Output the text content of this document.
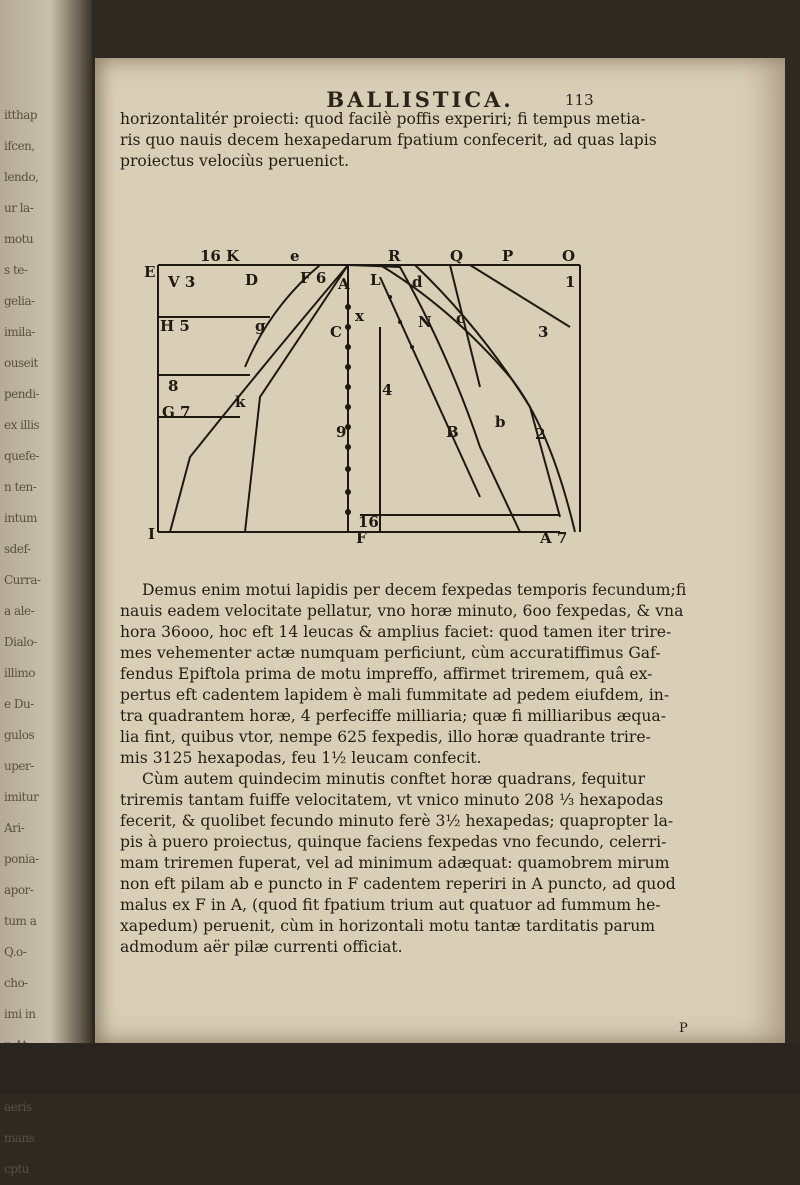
itthap
ifcen,
lendo,
ur la-
motu
s te-
gelia-
imila-
ouseit
pendi-
ex illis
quefe-
n ten-
intum
sdef-
Curra-
a ale-
Dialo-
illimo
e Du-
gulos
uper-
imitur
Ari-
ponia-
apor-
tum a
Q.o-
cho-
imi in
aeris
mans
cptu
BALLISTICA.	113

horizontalitér proiecti: quod facilè poffis experiri; fi tempus metia-

ris quo nauis decem hexapedarum fpatium confecerit, ad quas lapis

proiectus velociùs peruenict.

16 K	e	R	Q	P	O
E
V 3	D	F 6 A L d
H 5	g	C
x	N c
1
3
8
G 7
k
4
9	B
b
2
I	F
16
A 7

Demus enim motui lapidis per decem fexpedas temporis fecundum;fi

nauis eadem velocitate pellatur, vno horæ minuto, 6oo fexpedas, & vna

hora 36ooo, hoc eft 14 leucas & amplius faciet: quod tamen iter trire-

mes vehementer actæ numquam perficiunt, cùm accuratiffimus Gaf-

fendus Epiftola prima de motu impreffo, affirmet triremem, quâ ex-

pertus eft cadentem lapidem è mali fummitate ad pedem eiufdem, in-

tra quadrantem horæ, 4 perfeciffe milliaria; quæ fi milliaribus æqua-

lia fint, quibus vtor, nempe 625 fexpedis, illo horæ quadrante trire-

mis 3125 hexapodas, feu 1½ leucam confecit.

Cùm autem quindecim minutis conftet horæ quadrans, fequitur

triremis tantam fuiffe velocitatem, vt vnico minuto 208 ⅓ hexapodas

fecerit, & quolibet fecundo minuto ferè 3½ hexapedas; quapropter la-

pis à puero proiectus, quinque faciens fexpedas vno fecundo, celerri-

mam triremen fuperat, vel ad minimum adæquat: quamobrem mirum

non eft pilam ab e puncto in F cadentem reperiri in A puncto, ad quod

malus ex F in A, (quod fit fpatium trium aut quatuor ad fummum he-

xapedum) peruenit, cùm in horizontali motu tantæ tarditatis parum

admodum aër pilæ currenti officiat.

P
